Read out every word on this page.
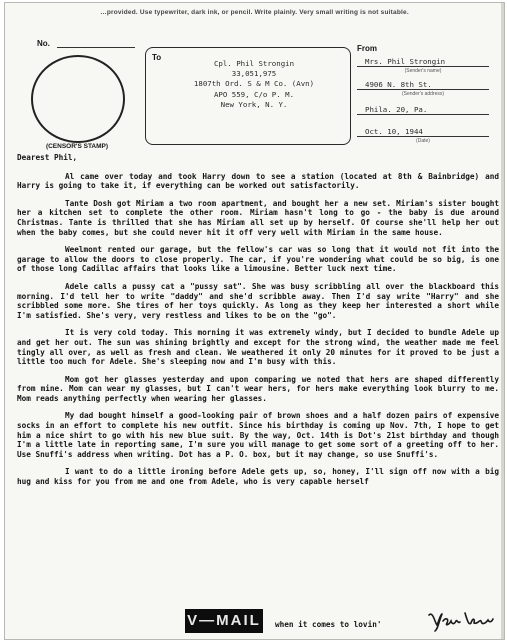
…provided. Use typewriter, dark ink, or pencil. Write plainly. Very small writing is not suitable.
No.
(CENSOR'S STAMP)
To
Cpl. Phil Strongin
33,051,975
1807th Ord. S & M Co. (Avn)
APO 559, C/o P. M.
New York, N. Y.
From
Mrs. Phil Strongin
(Sender's name)
4906 N. 8th St.
(Sender's address)
Phila. 20, Pa.
Oct. 10, 1944
(Date)

Dearest Phil,

Al came over today and took Harry down to see a station (located at 8th & Bainbridge) and Harry is going to take it, if everything can be worked out satisfactorily.

Tante Dosh got Miriam a two room apartment, and bought her a new set. Miriam's sister bought her a kitchen set to complete the other room. Miriam hasn't long to go - the baby is due around Christmas. Tante is thrilled that she has Miriam all set up by herself. Of course she'll help her out when the baby comes, but she could never hit it off very well with Miriam in the same house.

Weelmont rented our garage, but the fellow's car was so long that it would not fit into the garage to allow the doors to close properly. The car, if you're wondering what could be so big, is one of those long Cadillac affairs that looks like a limousine. Better luck next time.

Adele calls a pussy cat a "pussy sat". She was busy scribbling all over the blackboard this morning. I'd tell her to write "daddy" and she'd scribble away. Then I'd say write "Harry" and she scribbled some more. She tires of her toys quickly. As long as they keep her interested a short while I'm satisfied. She's very, very restless and likes to be on the "go".

It is very cold today. This morning it was extremely windy, but I decided to bundle Adele up and get her out. The sun was shining brightly and except for the strong wind, the weather made me feel tingly all over, as well as fresh and clean. We weathered it only 20 minutes for it proved to be just a little too much for Adele. She's sleeping now and I'm busy with this.

Mom got her glasses yesterday and upon comparing we noted that hers are shaped differently from mine. Mom can wear my glasses, but I can't wear hers, for hers make everything look blurry to me. Mom reads anything perfectly when wearing her glasses.

My dad bought himself a good-looking pair of brown shoes and a half dozen pairs of expensive socks in an effort to complete his new outfit. Since his birthday is coming up Nov. 7th, I hope to get him a nice shirt to go with his new blue suit. By the way, Oct. 14th is Dot's 21st birthday and though I'm a little late in reporting same, I'm sure you will manage to get some sort of a greeting off to her. Use Snuffi's address when writing. Dot has a P. O. box, but it may change, so use Snuffi's.

I want to do a little ironing before Adele gets up, so, honey, I'll sign off now with a big hug and kiss for you from me and one from Adele, who is very capable herself

V—MAIL when it comes to lovin'
